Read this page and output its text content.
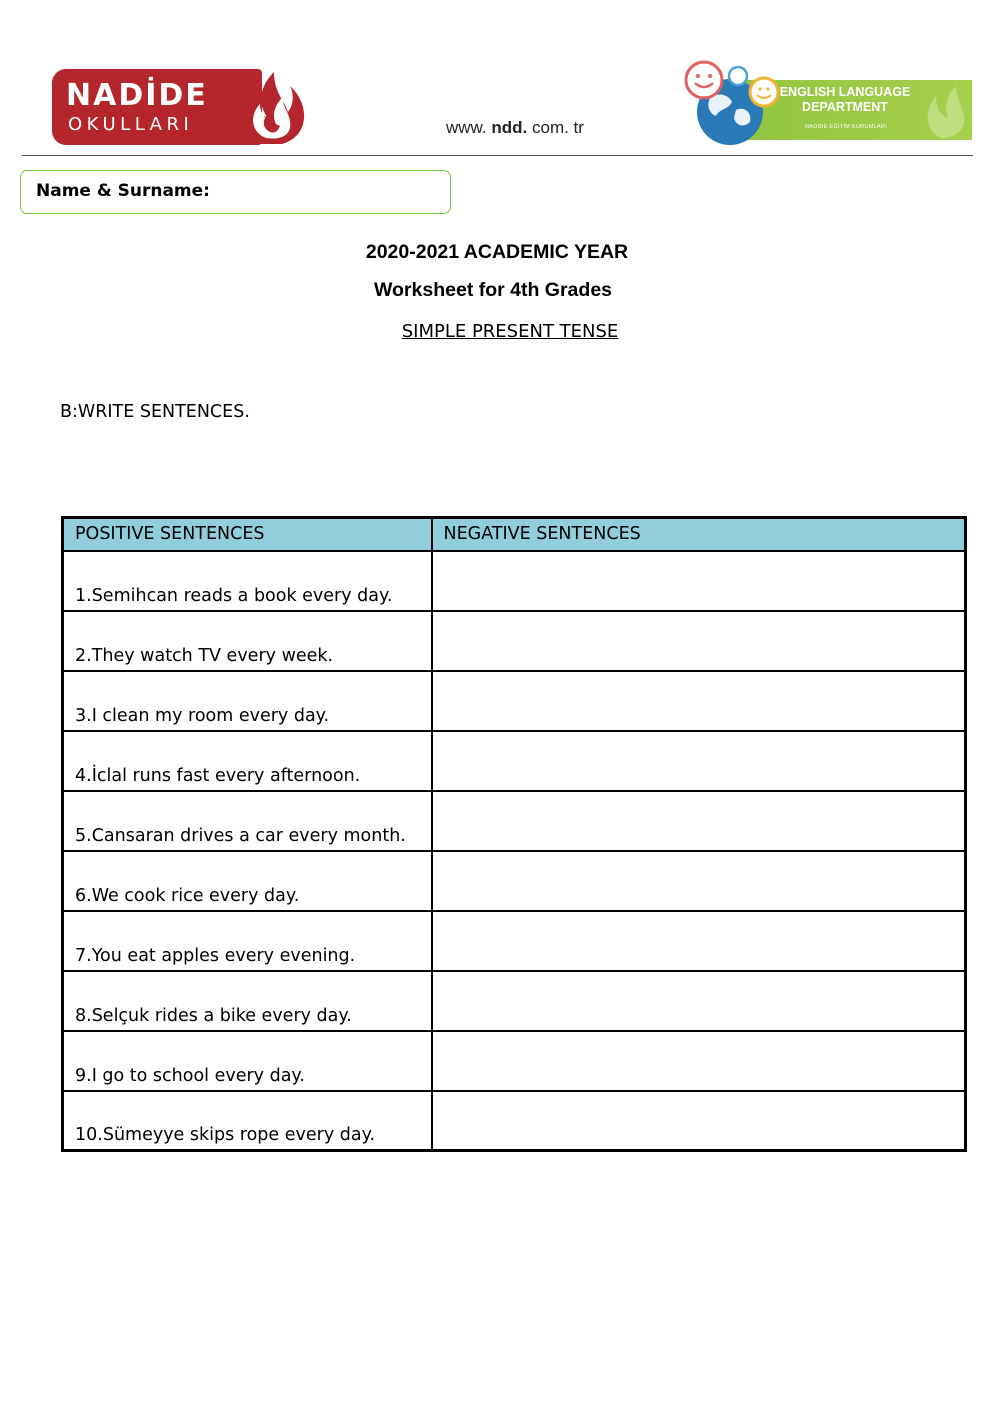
NADİDE
OKULLARI	www. ndd. com. tr
ENGLISH LANGUAGE
DEPARTMENT
NADİDE EĞİTİM KURUMLARI
Name & Surname:
2020-2021 ACADEMIC YEAR
Worksheet for 4th Grades
SIMPLE PRESENT TENSE
B:WRITE SENTENCES.
POSITIVE SENTENCES	NEGATIVE SENTENCES
1.Semihcan reads a book every day.	
2.They watch TV every week.	
3.I clean my room every day.	
4.İclal runs fast every afternoon.	
5.Cansaran drives a car every month.	
6.We cook rice every day.	
7.You eat apples every evening.	
8.Selçuk rides a bike every day.	
9.I go to school every day.	
10.Sümeyye skips rope every day.	
